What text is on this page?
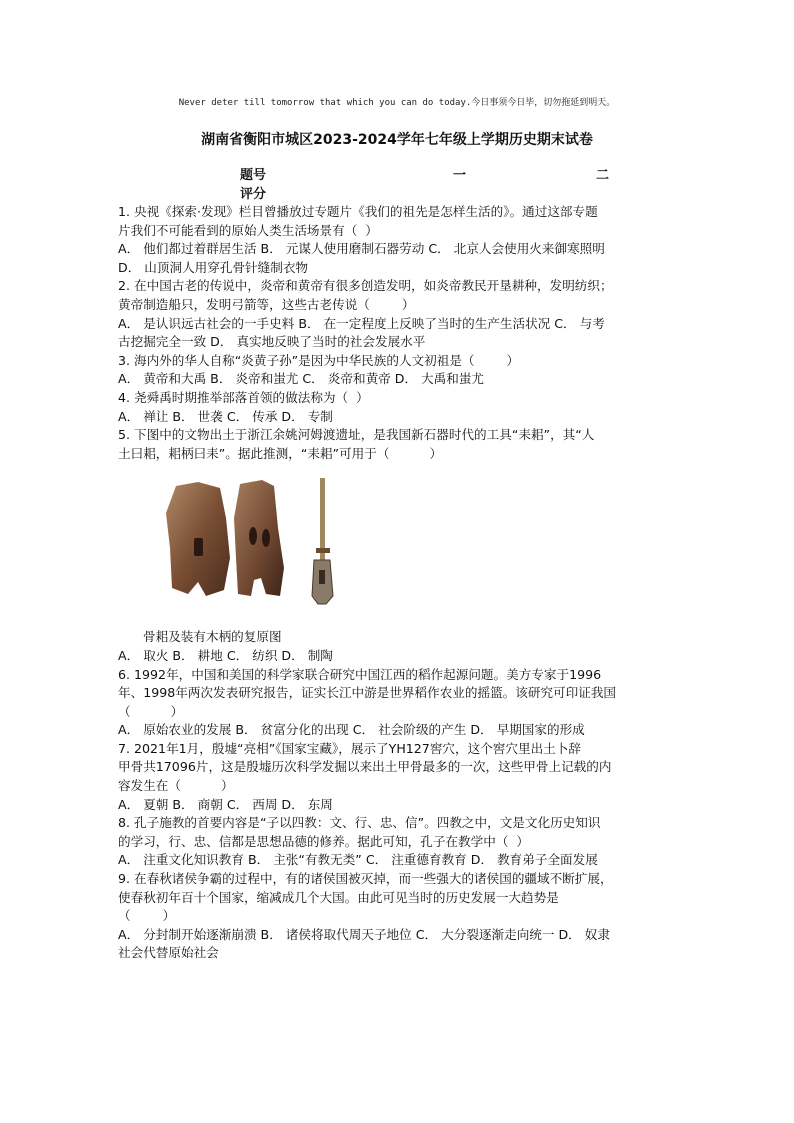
Never deter till tomorrow that which you can do today.今日事须今日毕，切勿拖延到明天。
湖南省衡阳市城区2023-2024学年七年级上学期历史期末试卷
题号	一	二
评分

1. 央视《探索·发现》栏目曾播放过专题片《我们的祖先是怎样生活的》。通过这部专题

片我们不可能看到的原始人类生活场景有（  ）

A． 他们都过着群居生活 B． 元谋人使用磨制石器劳动 C． 北京人会使用火来御寒照明

D． 山顶洞人用穿孔骨针缝制衣物

2. 在中国古老的传说中，炎帝和黄帝有很多创造发明，如炎帝教民开垦耕种，发明纺织；

黄帝制造船只，发明弓箭等，这些古老传说（        ）

A． 是认识远古社会的一手史料 B． 在一定程度上反映了当时的生产生活状况 C． 与考

古挖掘完全一致 D． 真实地反映了当时的社会发展水平

3. 海内外的华人自称“炎黄子孙”是因为中华民族的人文初祖是（        ）

A． 黄帝和大禹 B． 炎帝和蚩尤 C． 炎帝和黄帝 D． 大禹和蚩尤

4. 尧舜禹时期推举部落首领的做法称为（  ）

A． 禅让 B． 世袭 C． 传承 D． 专制

5. 下图中的文物出土于浙江余姚河姆渡遗址，是我国新石器时代的工具“耒耜”，其“人

土曰耜，耜柄曰耒”。据此推测，“耒耜”可用于（          ）

骨耜及装有木柄的复原图

A． 取火 B． 耕地 C． 纺织 D． 制陶

6. 1992年，中国和美国的科学家联合研究中国江西的稻作起源问题。美方专家于1996

年、1998年两次发表研究报告，证实长江中游是世界稻作农业的摇篮。该研究可印证我国

（          ）

A． 原始农业的发展 B． 贫富分化的出现 C． 社会阶级的产生 D． 早期国家的形成

7. 2021年1月，殷墟“亮相”《国家宝藏》，展示了YH127窖穴，这个窖穴里出土卜辞

甲骨共17096片，这是殷墟历次科学发掘以来出土甲骨最多的一次，这些甲骨上记载的内

容发生在（          ）

A． 夏朝 B． 商朝 C． 西周 D． 东周

8. 孔子施教的首要内容是“子以四教：文、行、忠、信”。四教之中，文是文化历史知识

的学习，行、忠、信都是思想品德的修养。据此可知，孔子在教学中（  ）

A． 注重文化知识教育 B． 主张“有教无类” C． 注重德育教育 D． 教育弟子全面发展

9. 在春秋诸侯争霸的过程中，有的诸侯国被灭掉，而一些强大的诸侯国的疆域不断扩展，

使春秋初年百十个国家，缩减成几个大国。由此可见当时的历史发展一大趋势是

（        ）

A． 分封制开始逐渐崩溃 B． 诸侯将取代周天子地位 C． 大分裂逐渐走向统一 D． 奴隶

社会代替原始社会
